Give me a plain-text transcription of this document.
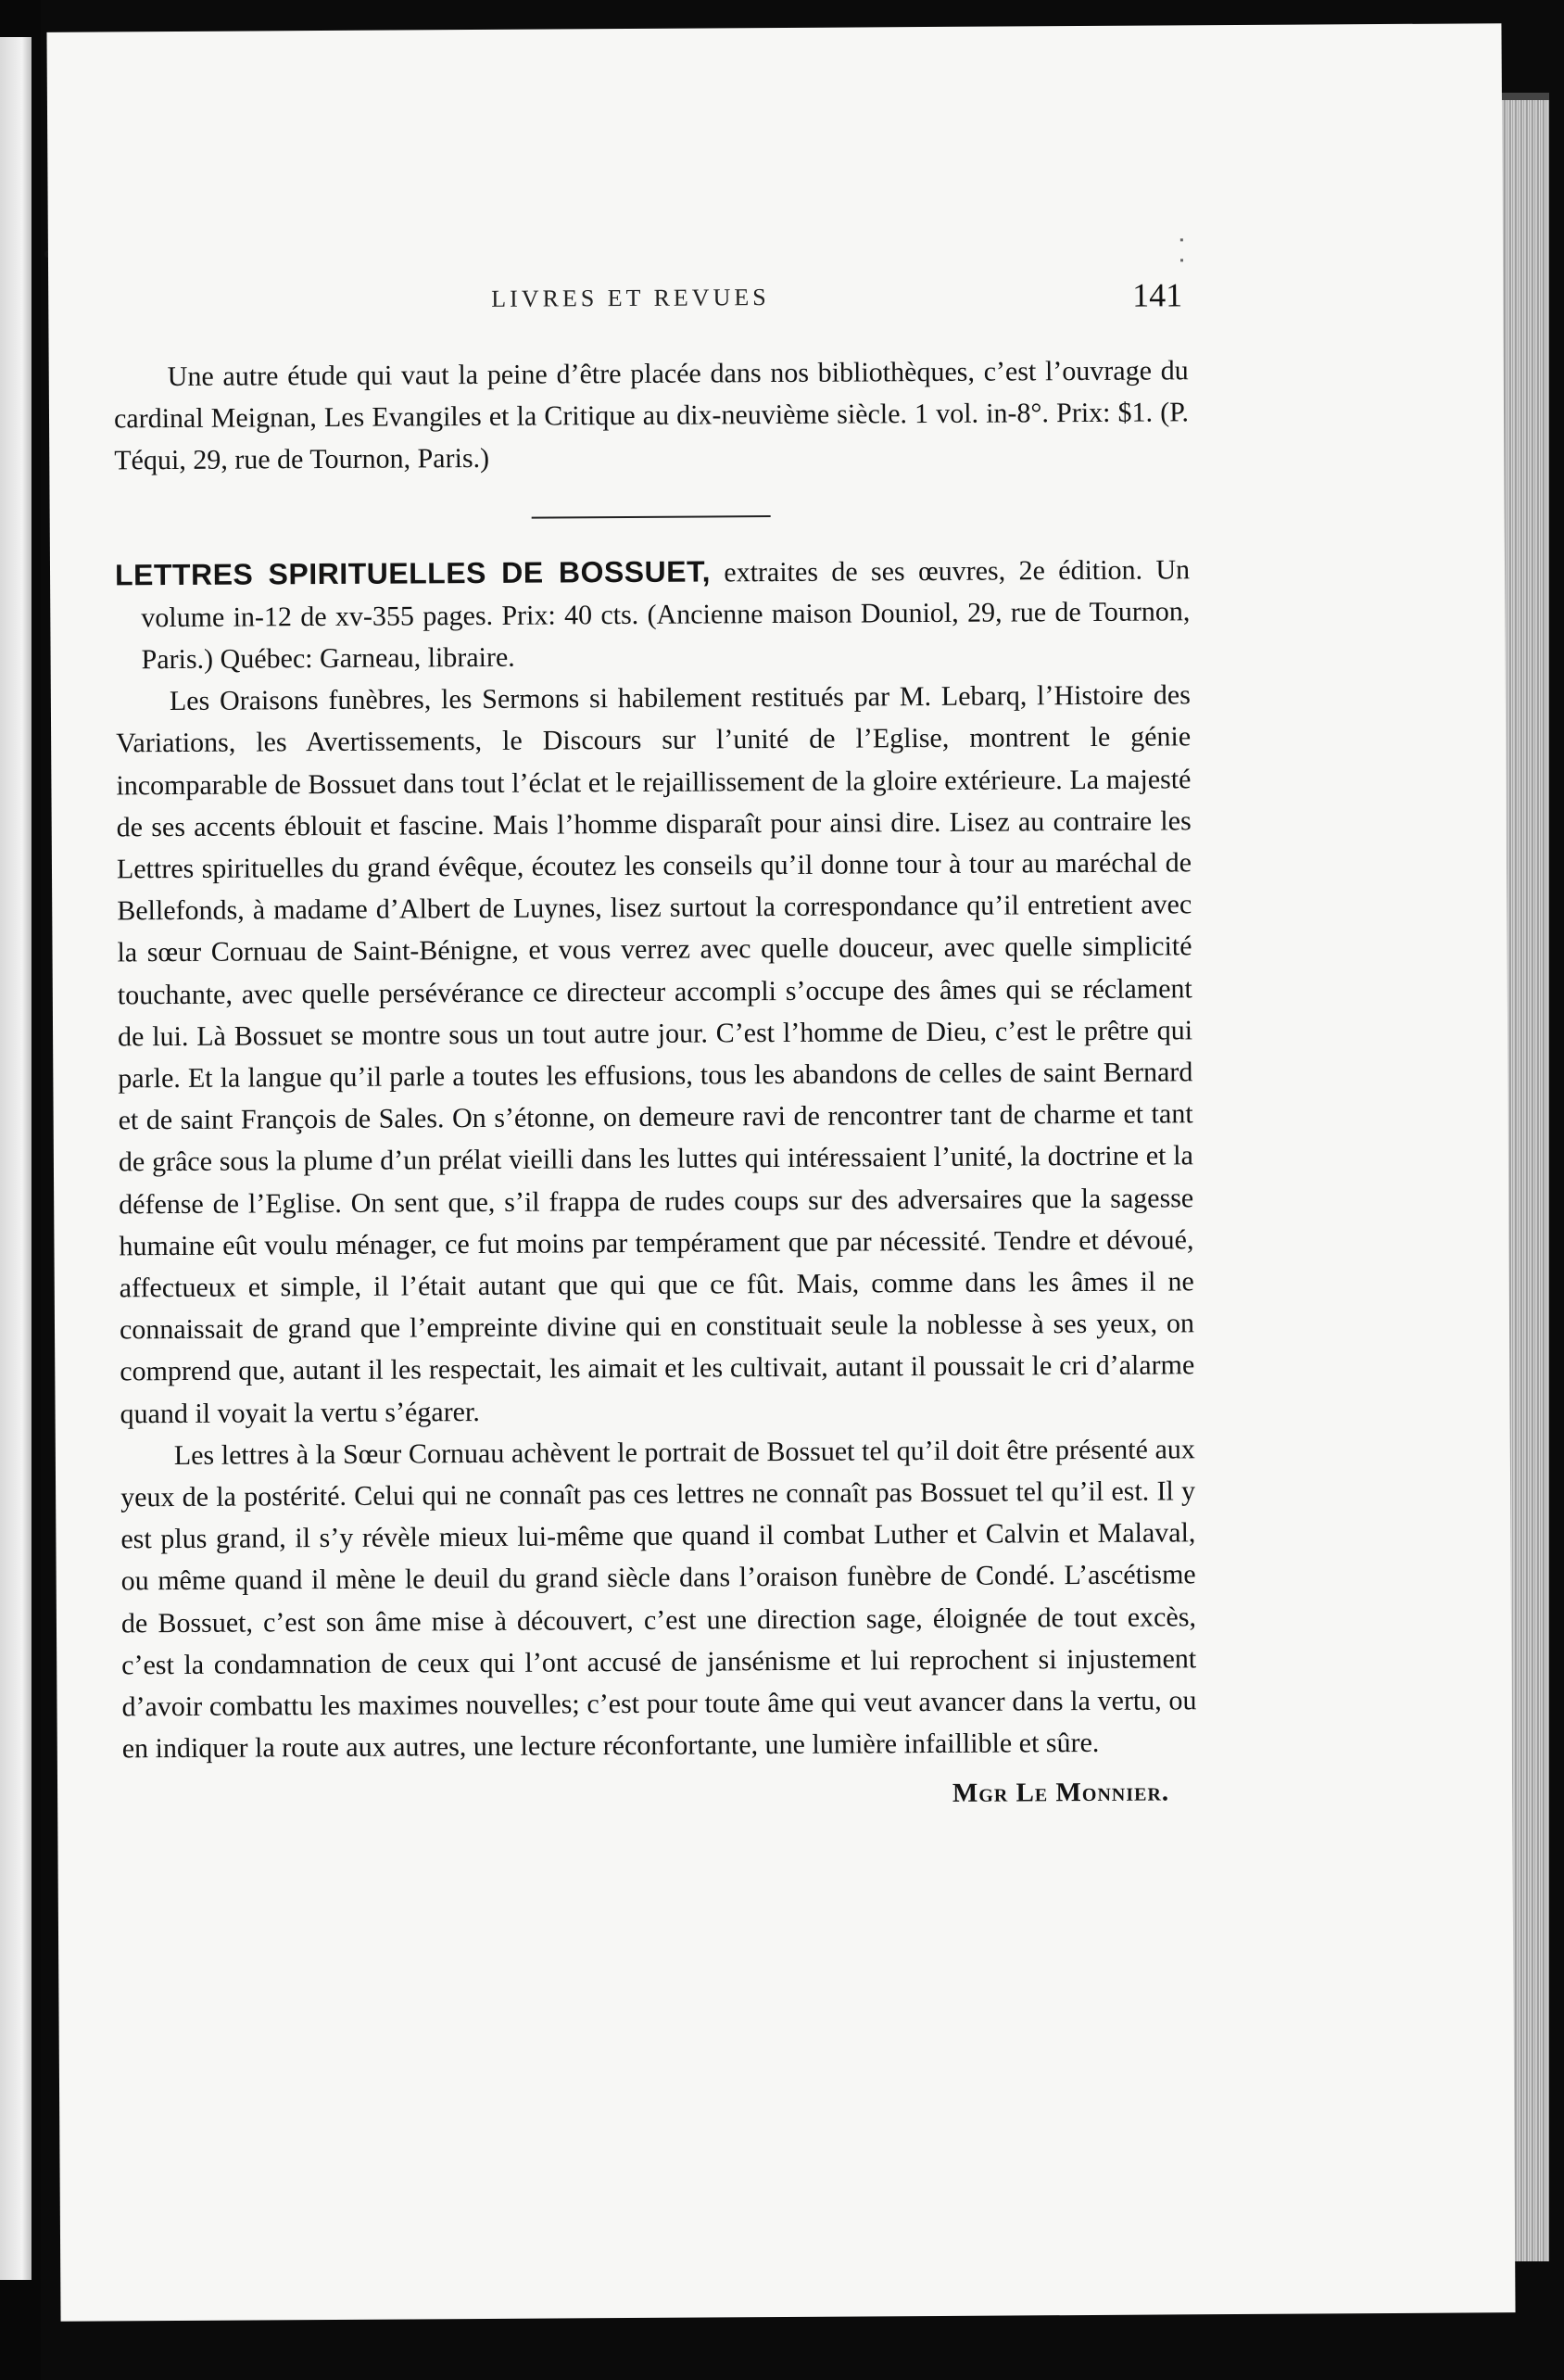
LIVRES ET REVUES	141

Une autre étude qui vaut la peine d’être placée dans nos bibliothèques, c’est l’ouvrage du cardinal Meignan, Les Evangiles et la Critique au dix-neuvième siècle. 1 vol. in-8°. Prix: $1. (P. Téqui, 29, rue de Tournon, Paris.)

LETTRES SPIRITUELLES DE BOSSUET, extraites de ses œuvres, 2e édition. Un volume in-12 de xv-355 pages. Prix: 40 cts. (Ancienne maison Douniol, 29, rue de Tournon, Paris.) Québec: Garneau, libraire.

Les Oraisons funèbres, les Sermons si habilement restitués par M. Lebarq, l’Histoire des Variations, les Avertissements, le Discours sur l’unité de l’Eglise, montrent le génie incomparable de Bossuet dans tout l’éclat et le rejaillissement de la gloire extérieure. La majesté de ses accents éblouit et fascine. Mais l’homme disparaît pour ainsi dire. Lisez au contraire les Lettres spirituelles du grand évêque, écoutez les conseils qu’il donne tour à tour au maréchal de Bellefonds, à madame d’Albert de Luynes, lisez surtout la correspondance qu’il entretient avec la sœur Cornuau de Saint-Bénigne, et vous verrez avec quelle douceur, avec quelle simplicité touchante, avec quelle persévérance ce directeur accompli s’occupe des âmes qui se réclament de lui. Là Bossuet se montre sous un tout autre jour. C’est l’homme de Dieu, c’est le prêtre qui parle. Et la langue qu’il parle a toutes les effusions, tous les abandons de celles de saint Bernard et de saint François de Sales. On s’étonne, on demeure ravi de rencontrer tant de charme et tant de grâce sous la plume d’un prélat vieilli dans les luttes qui intéressaient l’unité, la doctrine et la défense de l’Eglise. On sent que, s’il frappa de rudes coups sur des adversaires que la sagesse humaine eût voulu ménager, ce fut moins par tempérament que par nécessité. Tendre et dévoué, affectueux et simple, il l’était autant que qui que ce fût. Mais, comme dans les âmes il ne connaissait de grand que l’empreinte divine qui en constituait seule la noblesse à ses yeux, on comprend que, autant il les respectait, les aimait et les cultivait, autant il poussait le cri d’alarme quand il voyait la vertu s’égarer.

Les lettres à la Sœur Cornuau achèvent le portrait de Bossuet tel qu’il doit être présenté aux yeux de la postérité. Celui qui ne connaît pas ces lettres ne connaît pas Bossuet tel qu’il est. Il y est plus grand, il s’y révèle mieux lui-même que quand il combat Luther et Calvin et Malaval, ou même quand il mène le deuil du grand siècle dans l’oraison funèbre de Condé. L’ascétisme de Bossuet, c’est son âme mise à découvert, c’est une direction sage, éloignée de tout excès, c’est la condamnation de ceux qui l’ont accusé de jansénisme et lui reprochent si injustement d’avoir combattu les maximes nouvelles; c’est pour toute âme qui veut avancer dans la vertu, ou en indiquer la route aux autres, une lecture réconfortante, une lumière infaillible et sûre.

Mgr Le Monnier.
